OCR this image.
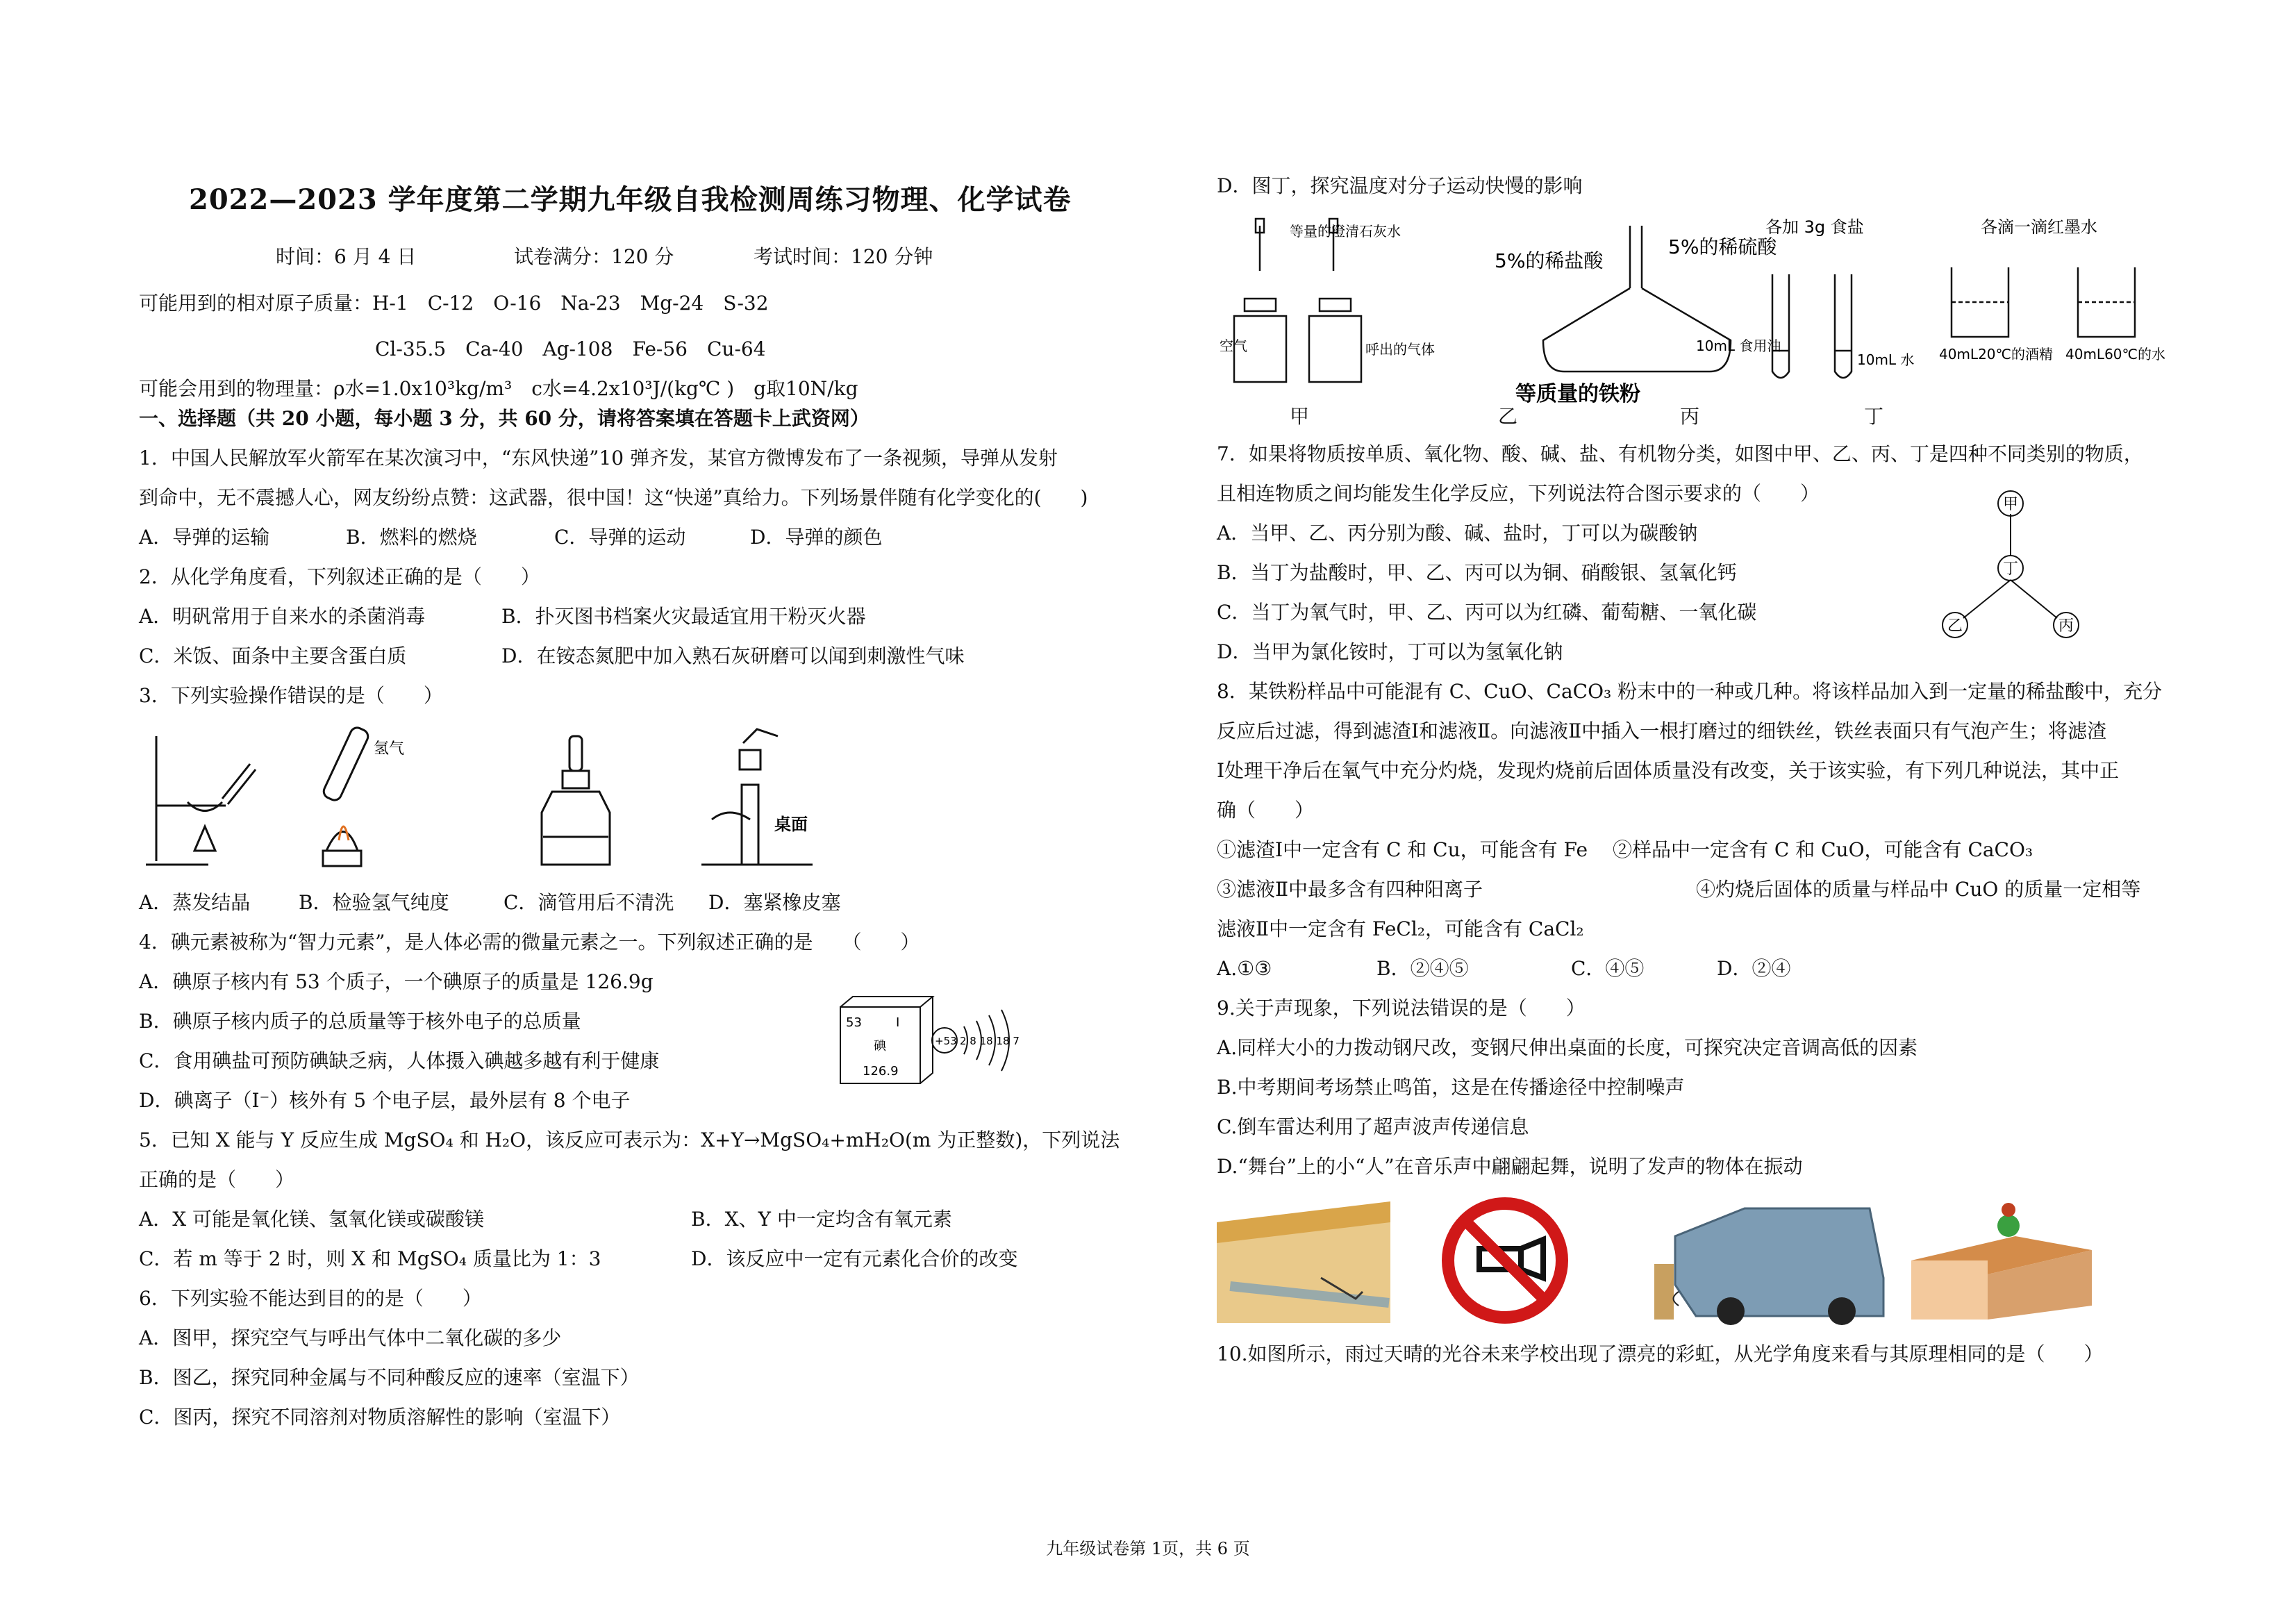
2022—2023 学年度第二学期九年级自我检测周练习物理、化学试卷
时间：6 月 4 日	试卷满分：120 分	考试时间：120 分钟
可能用到的相对原子质量：H-1　C-12　O-16　Na-23　Mg-24　S-32
Cl-35.5　Ca-40　Ag-108　Fe-56　Cu-64
可能会用到的物理量：ρ水=1.0x10³kg/m³　c水=4.2x10³J/(kg℃ )　g取10N/kg
一、选择题（共 20 小题，每小题 3 分，共 60 分，请将答案填在答题卡上武资网）
1．中国人民解放军火箭军在某次演习中，“东风快递”10 弹齐发，某官方微博发布了一条视频，导弹从发射
到命中，无不震撼人心，网友纷纷点赞：这武器，很中国！这“快递”真给力。下列场景伴随有化学变化的(　　)
A．导弹的运输	B．燃料的燃烧	C．导弹的运动	D．导弹的颜色
2．从化学角度看，下列叙述正确的是（　　）
A．明矾常用于自来水的杀菌消毒	B．扑灭图书档案火灾最适宜用干粉灭火器
C．米饭、面条中主要含蛋白质	D．在铵态氮肥中加入熟石灰研磨可以闻到刺激性气味
3．下列实验操作错误的是（　　）
氢气
桌面
A．蒸发结晶 B．检验氢气纯度	C．滴管用后不清洗 D．塞紧橡皮塞
4．碘元素被称为“智力元素”，是人体必需的微量元素之一。下列叙述正确的是　　（　　）
A．碘原子核内有 53 个质子，一个碘原子的质量是 126.9g
B．碘原子核内质子的总质量等于核外电子的总质量
C．食用碘盐可预防碘缺乏病，人体摄入碘越多越有利于健康
D．碘离子（I⁻）核外有 5 个电子层，最外层有 8 个电子
53	I
碘
126.9
+53 2 8 18 18 7
5．已知 X 能与 Y 反应生成 MgSO₄ 和 H₂O，该反应可表示为：X+Y→MgSO₄+mH₂O(m 为正整数)，下列说法
正确的是（　　）
A．X 可能是氧化镁、氢氧化镁或碳酸镁	B．X、Y 中一定均含有氧元素
C．若 m 等于 2 时，则 X 和 MgSO₄ 质量比为 1：3	D．该反应中一定有元素化合价的改变
6．下列实验不能达到目的的是（　　）
A．图甲，探究空气与呼出气体中二氧化碳的多少
B．图乙，探究同种金属与不同种酸反应的速率（室温下）
C．图丙，探究不同溶剂对物质溶解性的影响（室温下）
D．图丁，探究温度对分子运动快慢的影响
等量的澄清石灰水
空气	呼出的气体
5%的稀盐酸
5%的稀硫酸
等质量的铁粉
各加 3g 食盐
10mL 食用油
10mL 水
各滴一滴红墨水
40mL20℃的酒精 40mL60℃的水
甲	乙	丙	丁
7．如果将物质按单质、氧化物、酸、碱、盐、有机物分类，如图中甲、乙、丙、丁是四种不同类别的物质，
且相连物质之间均能发生化学反应，下列说法符合图示要求的（　　）
A．当甲、乙、丙分别为酸、碱、盐时，丁可以为碳酸钠
B．当丁为盐酸时，甲、乙、丙可以为铜、硝酸银、氢氧化钙
C．当丁为氧气时，甲、乙、丙可以为红磷、葡萄糖、一氧化碳
D．当甲为氯化铵时，丁可以为氢氧化钠
甲
丁
乙	丙
8．某铁粉样品中可能混有 C、CuO、CaCO₃ 粉末中的一种或几种。将该样品加入到一定量的稀盐酸中，充分
反应后过滤，得到滤渣Ⅰ和滤液Ⅱ。向滤液Ⅱ中插入一根打磨过的细铁丝，铁丝表面只有气泡产生；将滤渣
Ⅰ处理干净后在氧气中充分灼烧，发现灼烧前后固体质量没有改变，关于该实验，有下列几种说法，其中正
确（　　）
①滤渣Ⅰ中一定含有 C 和 Cu，可能含有 Fe ②样品中一定含有 C 和 CuO，可能含有 CaCO₃
③滤液Ⅱ中最多含有四种阳离子	④灼烧后固体的质量与样品中 CuO 的质量一定相等
滤液Ⅱ中一定含有 FeCl₂，可能含有 CaCl₂
A.①③	B．②④⑤	C．④⑤	D．②④
9.关于声现象，下列说法错误的是（　　）
A.同样大小的力拨动钢尺改，变钢尺伸出桌面的长度，可探究决定音调高低的因素
B.中考期间考场禁止鸣笛，这是在传播途径中控制噪声
C.倒车雷达利用了超声波声传递信息
D.“舞台”上的小“人”在音乐声中翩翩起舞，说明了发声的物体在振动
10.如图所示，雨过天晴的光谷未来学校出现了漂亮的彩虹，从光学角度来看与其原理相同的是（　　）
九年级试卷第 1页，共 6 页
